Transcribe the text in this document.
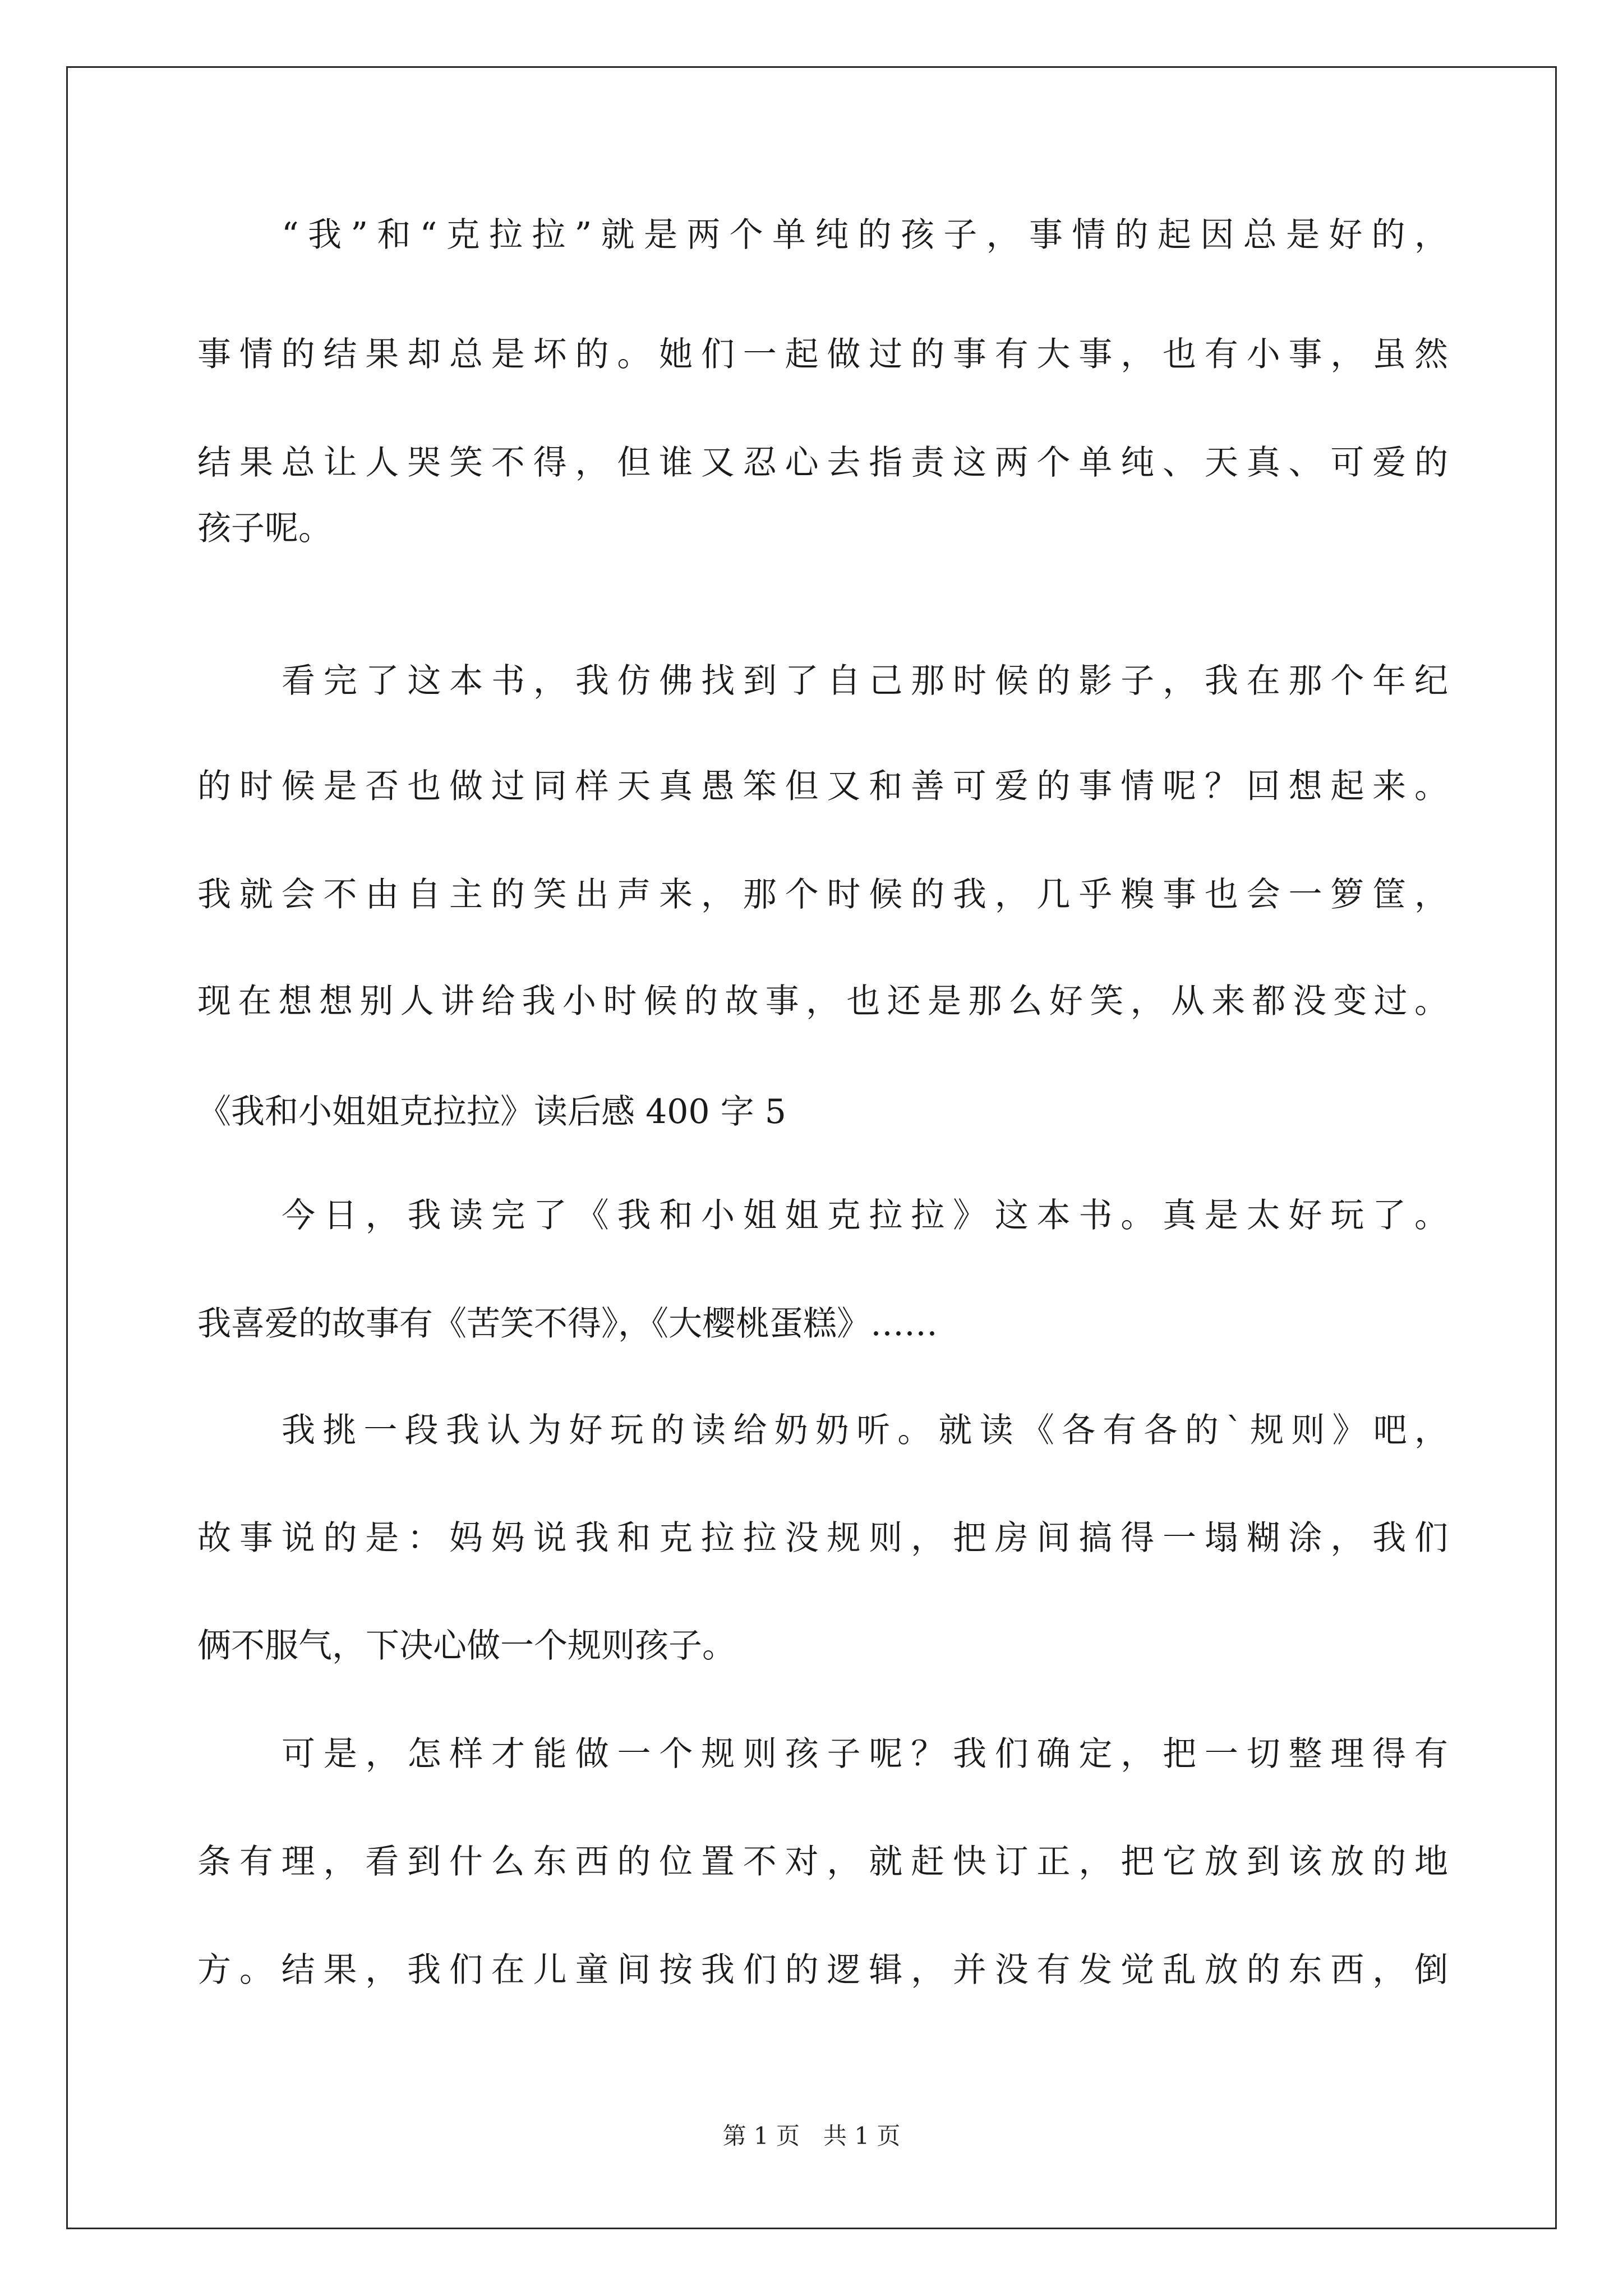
“我”和“克拉拉”就是两个单纯的孩子，事情的起因总是好的，
事情的结果却总是坏的。她们一起做过的事有大事，也有小事，虽然
结果总让人哭笑不得，但谁又忍心去指责这两个单纯、天真、可爱的
孩子呢。
看完了这本书，我仿佛找到了自己那时候的影子，我在那个年纪
的时候是否也做过同样天真愚笨但又和善可爱的事情呢？回想起来。
我就会不由自主的笑出声来，那个时候的我，几乎糗事也会一箩筐，
现在想想别人讲给我小时候的故事，也还是那么好笑，从来都没变过。
《我和小姐姐克拉拉》读后感 400 字 5
今日，我读完了《我和小姐姐克拉拉》这本书。真是太好玩了。
我喜爱的故事有《苦笑不得》，《大樱桃蛋糕》……
我挑一段我认为好玩的读给奶奶听。就读《各有各的`规则》吧，
故事说的是：妈妈说我和克拉拉没规则，把房间搞得一塌糊涂，我们
俩不服气，下决心做一个规则孩子。
可是，怎样才能做一个规则孩子呢？我们确定，把一切整理得有
条有理，看到什么东西的位置不对，就赶快订正，把它放到该放的地
方。结果，我们在儿童间按我们的逻辑，并没有发觉乱放的东西，倒
第 1 页　共 1 页
